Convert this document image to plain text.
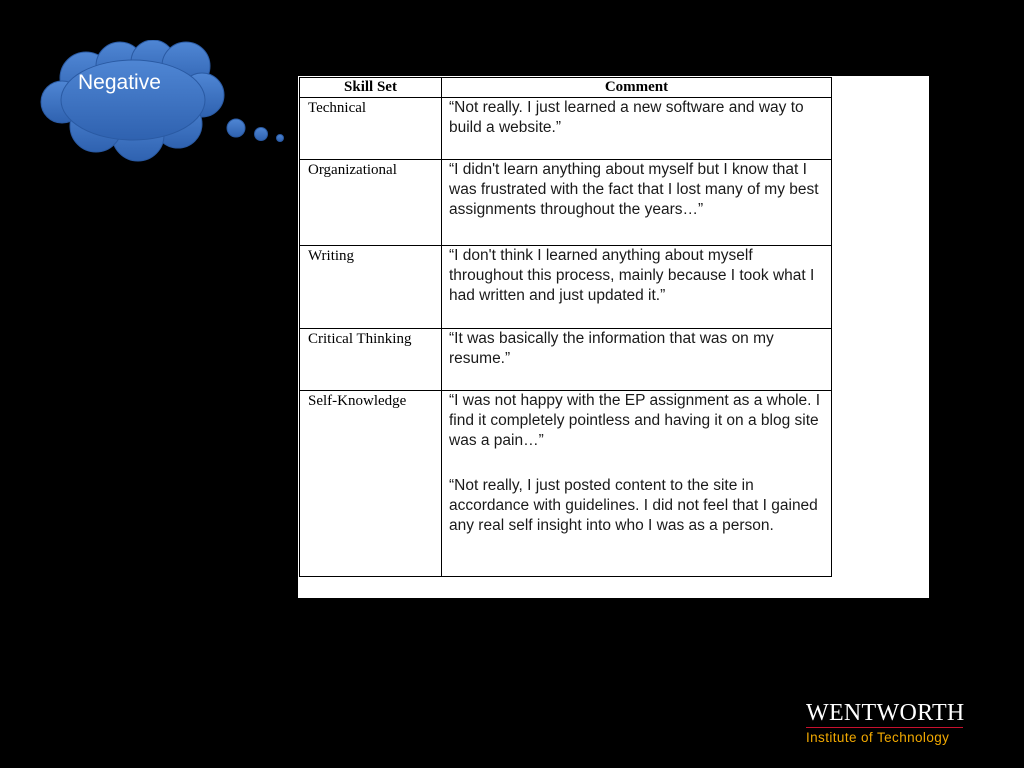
Negative	Skill Set	Comment
Technical	“Not really. I just learned a new software and way to build a website.”

Organizational	“I didn't learn anything about myself but I know that I was frustrated with the fact that I lost many of my best assignments throughout the years…”

Writing	“I don't think I learned anything about myself throughout this process, mainly because I took what I had written and just updated it.”

Critical Thinking	“It was basically the information that was on my resume.”

Self-Knowledge	“I was not happy with the EP assignment as a whole. I find it completely pointless and having it on a blog site was a pain…”

“Not really, I just posted content to the site in accordance with guidelines. I did not feel that I gained any real self insight into who I was as a person.

WENTWORTH
Institute of Technology
